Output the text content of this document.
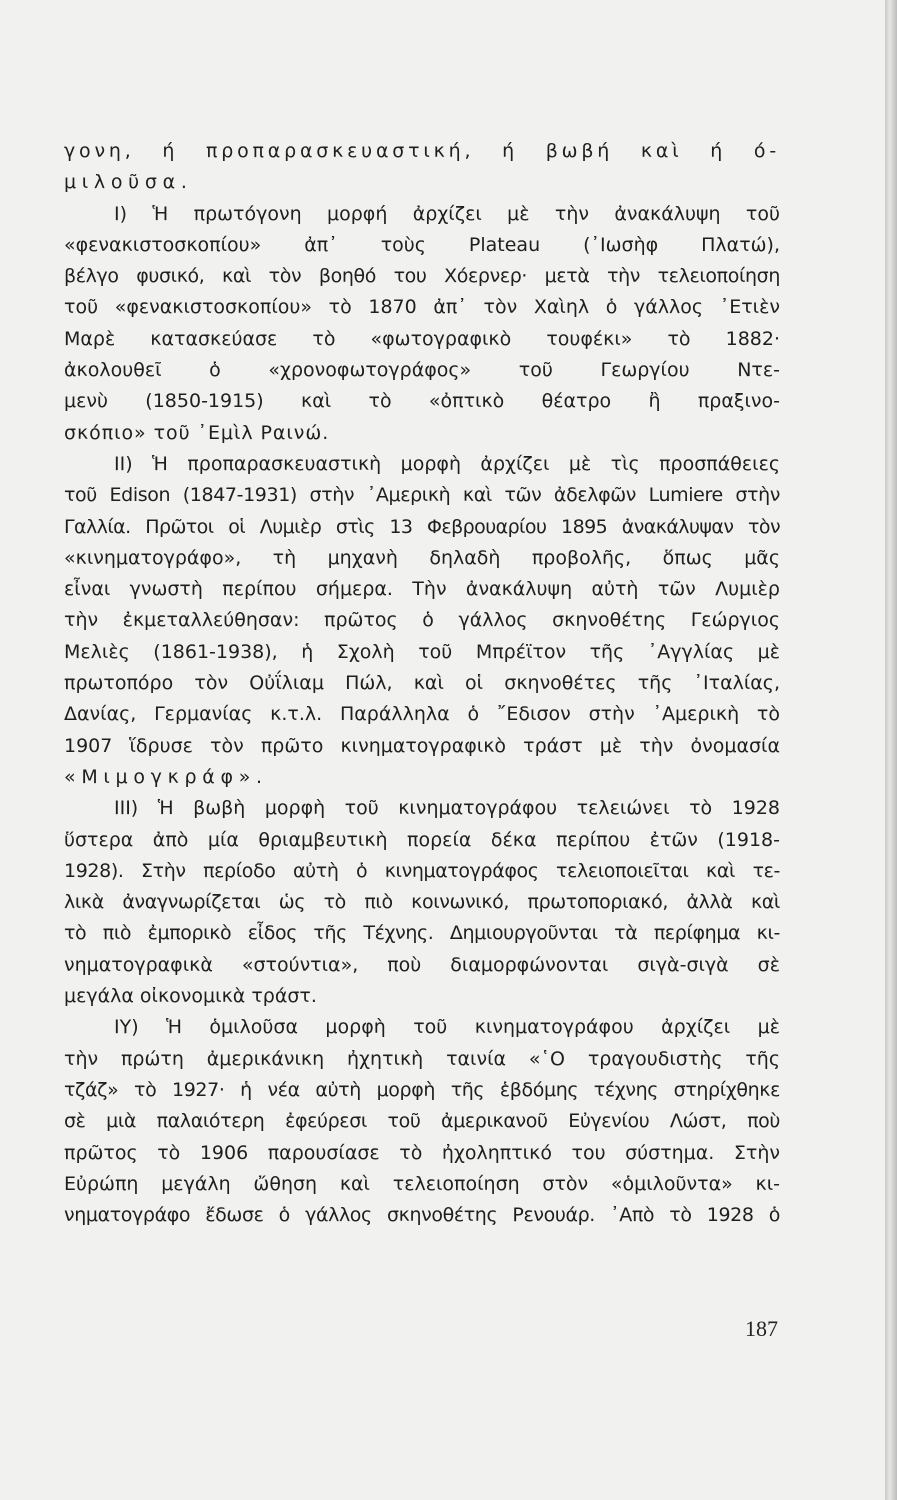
γονη, ή προπαρασκευαστική, ή βωβή καὶ ή ό-
μιλοῦσα.
Ι) Ἡ πρωτόγονη μορφή ἀρχίζει μὲ τὴν ἀνακάλυψη τοῦ
«φενακιστοσκοπίου» ἀπ᾿ τοὺς Plateau (᾿Ιωσὴφ Πλατώ),
βέλγο φυσικό, καὶ τὸν βοηθό του Χόερνερ· μετὰ τὴν τελειοποίηση
τοῦ «φενακιστοσκοπίου» τὸ 1870 ἀπ᾿ τὸν Χαὶηλ ὁ γάλλος ᾿Ετιὲν
Μαρὲ κατασκεύασε τὸ «φωτογραφικὸ τουφέκι» τὸ 1882·
ἀκολουθεῖ ὁ «χρονοφωτογράφος» τοῦ Γεωργίου Ντε-
μενὺ (1850-1915) καὶ τὸ «ὀπτικὸ θέατρο ἢ πραξινο-
σκόπιο» τοῦ ᾿Εμὶλ Ραινώ.
ΙΙ) Ἡ προπαρασκευαστικὴ μορφὴ ἀρχίζει μὲ τὶς προσπάθειες
τοῦ Edison (1847-1931) στὴν ᾿Αμερικὴ καὶ τῶν ἀδελφῶν Lumiere στὴν
Γαλλία. Πρῶτοι οἱ Λυμιὲρ στὶς 13 Φεβρουαρίου 1895 ἀνακάλυψαν τὸν
«κινηματογράφο», τὴ μηχανὴ δηλαδὴ προβολῆς, ὅπως μᾶς
εἶναι γνωστὴ περίπου σήμερα. Τὴν ἀνακάλυψη αὐτὴ τῶν Λυμιὲρ
τὴν ἐκμεταλλεύθησαν: πρῶτος ὁ γάλλος σκηνοθέτης Γεώργιος
Μελιὲς (1861-1938), ἡ Σχολὴ τοῦ Μπρέϊτον τῆς ᾿Αγγλίας μὲ
πρωτοπόρο τὸν Οὐΐλιαμ Πώλ, καὶ οἱ σκηνοθέτες τῆς ᾿Ιταλίας,
Δανίας, Γερμανίας κ.τ.λ. Παράλληλα ὁ ῎Εδισον στὴν ᾿Αμερικὴ τὸ
1907 ἵδρυσε τὸν πρῶτο κινηματογραφικὸ τράστ μὲ τὴν ὀνομασία
«Μιμογκράφ».
ΙΙΙ) Ἡ βωβὴ μορφὴ τοῦ κινηματογράφου τελειώνει τὸ 1928
ὕστερα ἀπὸ μία θριαμβευτικὴ πορεία δέκα περίπου ἐτῶν (1918-
1928). Στὴν περίοδο αὐτὴ ὁ κινηματογράφος τελειοποιεῖται καὶ τε-
λικὰ ἀναγνωρίζεται ὡς τὸ πιὸ κοινωνικό, πρωτοποριακό, ἀλλὰ καὶ
τὸ πιὸ ἐμπορικὸ εἶδος τῆς Τέχνης. Δημιουργοῦνται τὰ περίφημα κι-
νηματογραφικὰ «στούντια», ποὺ διαμορφώνονται σιγὰ-σιγὰ σὲ
μεγάλα οἰκονομικὰ τράστ.
ΙΥ) Ἡ ὁμιλοῦσα μορφὴ τοῦ κινηματογράφου ἀρχίζει μὲ
τὴν πρώτη ἀμερικάνικη ἠχητικὴ ταινία «῾Ο τραγουδιστὴς τῆς
τζάζ» τὸ 1927· ἡ νέα αὐτὴ μορφὴ τῆς ἑβδόμης τέχνης στηρίχθηκε
σὲ μιὰ παλαιότερη ἐφεύρεσι τοῦ ἀμερικανοῦ Εὐγενίου Λώστ, ποὺ
πρῶτος τὸ 1906 παρουσίασε τὸ ἠχοληπτικό του σύστημα. Στὴν
Εὐρώπη μεγάλη ὤθηση καὶ τελειοποίηση στὸν «ὁμιλοῦντα» κι-
νηματογράφο ἔδωσε ὁ γάλλος σκηνοθέτης Ρενουάρ. ᾿Απὸ τὸ 1928 ὁ
187
